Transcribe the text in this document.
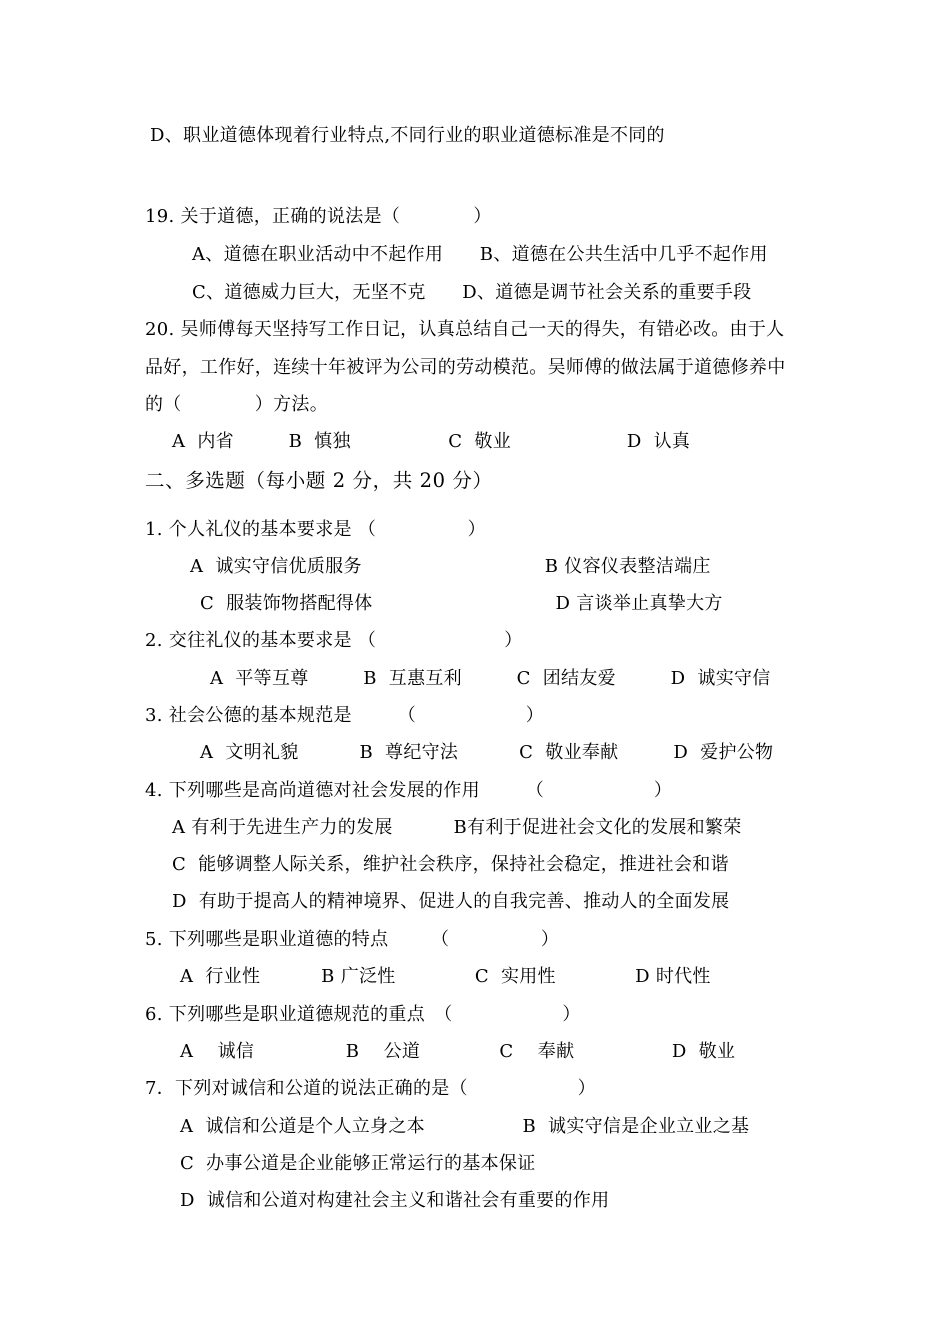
D、职业道德体现着行业特点,不同行业的职业道德标准是不同的
19. 关于道德，正确的说法是（　　　　）
A、道德在职业活动中不起作用　　B、道德在公共生活中几乎不起作用
C、道德威力巨大，无坚不克　　D、道德是调节社会关系的重要手段
20. 吴师傅每天坚持写工作日记，认真总结自己一天的得失，有错必改。由于人
品好，工作好，连续十年被评为公司的劳动模范。吴师傅的做法属于道德修养中
的（　　　　）方法。
A  内省　　   B  慎独　　　　　 C  敬业　　　　　　 D  认真
二、多选题（每小题 2 分，共 20 分）
1. 个人礼仪的基本要求是 （　　　　　）
A  诚实守信优质服务　　　　　　　　　　B 仪容仪表整洁端庄
C  服装饰物搭配得体　　　　　　　　　　D 言谈举止真挚大方
2. 交往礼仪的基本要求是 （　　　　　　　）
A  平等互尊　　   B  互惠互利　　   C  团结友爱　　   D  诚实守信
3. 社会公德的基本规范是　　　（　　　　　　）
A  文明礼貌　　　 B  尊纪守法　　　 C  敬业奉献　　　D  爱护公物
4. 下列哪些是高尚道德对社会发展的作用　　　（　　　　　　）
A 有利于先进生产力的发展　　　 B有利于促进社会文化的发展和繁荣
C  能够调整人际关系，维护社会秩序，保持社会稳定，推进社会和谐
D  有助于提高人的精神境界、促进人的自我完善、推动人的全面发展
5. 下列哪些是职业道德的特点　　 （　　　　　）
A  行业性　　　 B 广泛性　　　　 C  实用性　　　　 D 时代性
6. 下列哪些是职业道德规范的重点　（　　　　　　）
A　 诚信　　　　　B　 公道　　　　 C　 奉献　　　　　 D  敬业
7．下列对诚信和公道的说法正确的是（　　　　　　）
A  诚信和公道是个人立身之本　　　　　 B  诚实守信是企业立业之基
C  办事公道是企业能够正常运行的基本保证
D  诚信和公道对构建社会主义和谐社会有重要的作用
